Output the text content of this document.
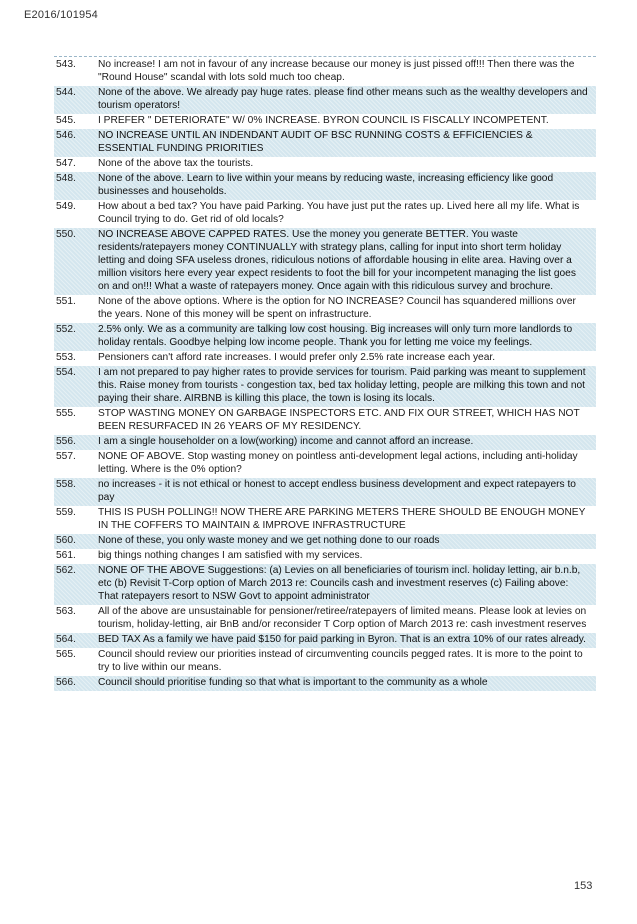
E2016/101954
543.	No increase! I am not in favour of any increase because our money is just pissed off!!! Then there was the "Round House" scandal with lots sold much too cheap.
544.	None of the above. We already pay huge rates. please find other means such as the wealthy developers and tourism operators!
545.	I PREFER " DETERIORATE" W/ 0% INCREASE. BYRON COUNCIL IS FISCALLY INCOMPETENT.
546.	NO INCREASE UNTIL AN INDENDANT AUDIT OF BSC RUNNING COSTS & EFFICIENCIES & ESSENTIAL FUNDING PRIORITIES
547.	None of the above tax the tourists.
548.	None of the above. Learn to live within your means by reducing waste, increasing efficiency like good businesses and households.
549.	How about a bed tax? You have paid Parking. You have just put the rates up. Lived here all my life. What is Council trying to do. Get rid of old locals?
550.	NO INCREASE ABOVE CAPPED RATES. Use the money you generate BETTER. You waste residents/ratepayers money CONTINUALLY with strategy plans, calling for input into short term holiday letting and doing SFA useless drones, ridiculous notions of affordable housing in elite area. Having over a million visitors here every year expect residents to foot the bill for your incompetent managing the list goes on and on!!! What a waste of ratepayers money. Once again with this ridiculous survey and brochure.
551.	None of the above options. Where is the option for NO INCREASE? Council has squandered millions over the years. None of this money will be spent on infrastructure.
552.	2.5% only. We as a community are talking low cost housing. Big increases will only turn more landlords to holiday rentals. Goodbye helping low income people. Thank you for letting me voice my feelings.
553.	Pensioners can't afford rate increases. I would prefer only 2.5% rate increase each year.
554.	I am not prepared to pay higher rates to provide services for tourism. Paid parking was meant to supplement this. Raise money from tourists - congestion tax, bed tax holiday letting, people are milking this town and not paying their share. AIRBNB is killing this place, the town is losing its locals.
555.	STOP WASTING MONEY ON GARBAGE INSPECTORS ETC. AND FIX OUR STREET, WHICH HAS NOT BEEN RESURFACED IN 26 YEARS OF MY RESIDENCY.
556.	I am a single householder on a low(working) income and cannot afford an increase.
557.	NONE OF ABOVE. Stop wasting money on pointless anti-development legal actions, including anti-holiday letting. Where is the 0% option?
558.	no increases - it is not ethical or honest to accept endless business development and expect ratepayers to pay
559.	THIS IS PUSH POLLING!! NOW THERE ARE PARKING METERS THERE SHOULD BE ENOUGH MONEY IN THE COFFERS TO MAINTAIN & IMPROVE INFRASTRUCTURE
560.	None of these, you only waste money and we get nothing done to our roads
561.	big things nothing changes I am satisfied with my services.
562.	NONE OF THE ABOVE Suggestions: (a) Levies on all beneficiaries of tourism incl. holiday letting, air b.n.b, etc (b) Revisit T-Corp option of March 2013 re: Councils cash and investment reserves (c) Failing above: That ratepayers resort to NSW Govt to appoint administrator
563.	All of the above are unsustainable for pensioner/retiree/ratepayers of limited means. Please look at levies on tourism, holiday-letting, air BnB and/or reconsider T Corp option of March 2013 re: cash investment reserves
564.	BED TAX As a family we have paid $150 for paid parking in Byron. That is an extra 10% of our rates already.
565.	Council should review our priorities instead of circumventing councils pegged rates. It is more to the point to try to live within our means.
566.	Council should prioritise funding so that what is important to the community as a whole
153
